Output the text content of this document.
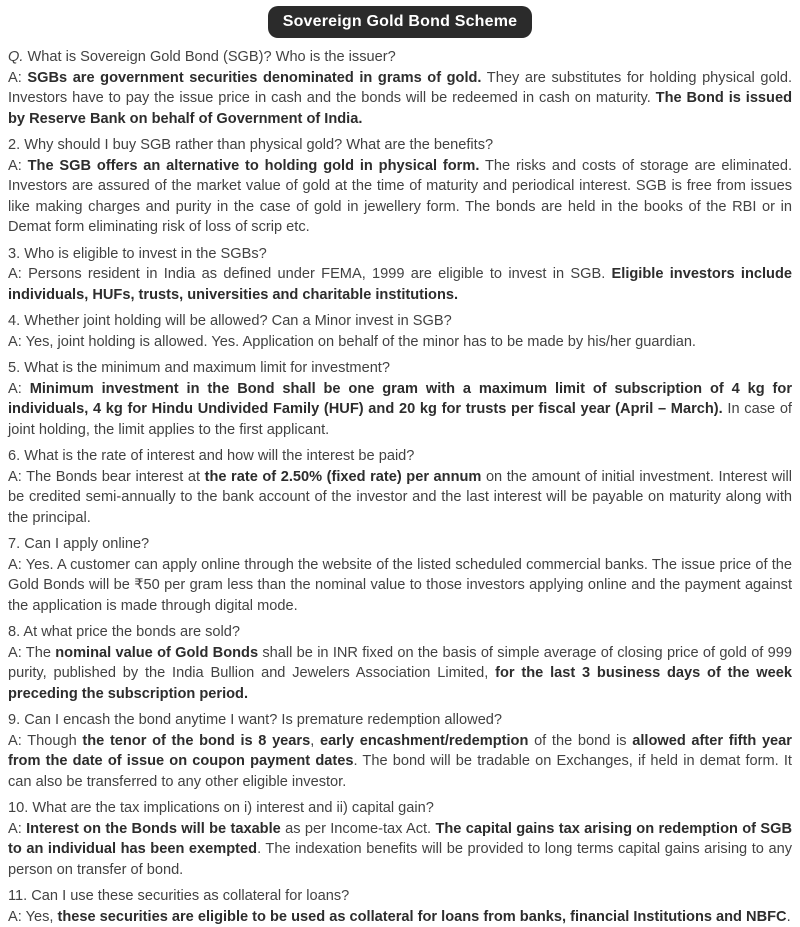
Sovereign Gold Bond Scheme

Q. What is Sovereign Gold Bond (SGB)? Who is the issuer?

A: SGBs are government securities denominated in grams of gold. They are substitutes for holding physical gold. Investors have to pay the issue price in cash and the bonds will be redeemed in cash on maturity. The Bond is issued by Reserve Bank on behalf of Government of India.

2. Why should I buy SGB rather than physical gold? What are the benefits?

A: The SGB offers an alternative to holding gold in physical form. The risks and costs of storage are eliminated. Investors are assured of the market value of gold at the time of maturity and periodical interest. SGB is free from issues like making charges and purity in the case of gold in jewellery form. The bonds are held in the books of the RBI or in Demat form eliminating risk of loss of scrip etc.

3. Who is eligible to invest in the SGBs?

A: Persons resident in India as defined under FEMA, 1999 are eligible to invest in SGB. Eligible investors include individuals, HUFs, trusts, universities and charitable institutions.

4. Whether joint holding will be allowed? Can a Minor invest in SGB?

A: Yes, joint holding is allowed. Yes. Application on behalf of the minor has to be made by his/her guardian.

5. What is the minimum and maximum limit for investment?

A: Minimum investment in the Bond shall be one gram with a maximum limit of subscription of 4 kg for individuals, 4 kg for Hindu Undivided Family (HUF) and 20 kg for trusts per fiscal year (April – March). In case of joint holding, the limit applies to the first applicant.

6. What is the rate of interest and how will the interest be paid?

A: The Bonds bear interest at the rate of 2.50% (fixed rate) per annum on the amount of initial investment. Interest will be credited semi-annually to the bank account of the investor and the last interest will be payable on maturity along with the principal.

7. Can I apply online?

A: Yes. A customer can apply online through the website of the listed scheduled commercial banks. The issue price of the Gold Bonds will be ₹50 per gram less than the nominal value to those investors applying online and the payment against the application is made through digital mode.

8. At what price the bonds are sold?

A: The nominal value of Gold Bonds shall be in INR fixed on the basis of simple average of closing price of gold of 999 purity, published by the India Bullion and Jewelers Association Limited, for the last 3 business days of the week preceding the subscription period.

9. Can I encash the bond anytime I want? Is premature redemption allowed?

A: Though the tenor of the bond is 8 years, early encashment/redemption of the bond is allowed after fifth year from the date of issue on coupon payment dates. The bond will be tradable on Exchanges, if held in demat form. It can also be transferred to any other eligible investor.

10. What are the tax implications on i) interest and ii) capital gain?

A: Interest on the Bonds will be taxable as per Income-tax Act. The capital gains tax arising on redemption of SGB to an individual has been exempted. The indexation benefits will be provided to long terms capital gains arising to any person on transfer of bond.

11. Can I use these securities as collateral for loans?

A: Yes, these securities are eligible to be used as collateral for loans from banks, financial Institutions and NBFC.
